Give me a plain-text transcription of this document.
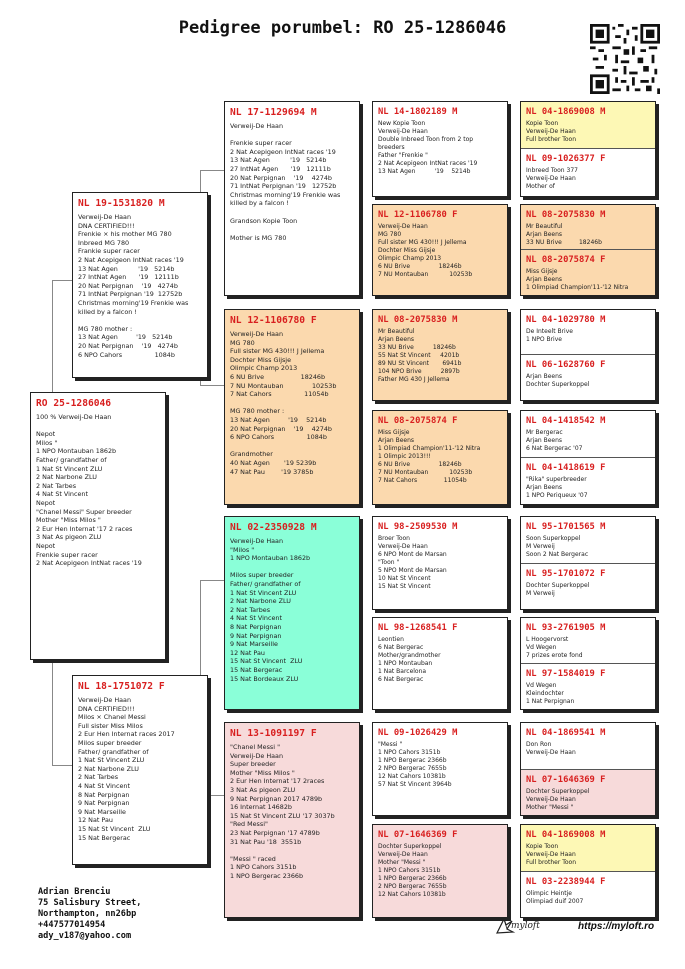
Pedigree porumbel: RO 25-1286046
RO 25-1286046
100 % Verweij-De Haan

Nepot
Milos "
1 NPO Montauban 1862b
Father/ grandfather of
1 Nat St Vincent ZLU
2 Nat Narbone ZLU
2 Nat Tarbes
4 Nat St Vincent
Nepot
"Chanel Messi" Super breeder
Mother "Miss Milos "
2 Eur Hen Internat '17 2 races
3 Nat As pigeon ZLU
Nepot
Frenkie super racer
2 Nat Acepigeon IntNat races '19
NL 19-1531820 M
Verweij-De Haan
DNA CERTIFIED!!!
Frenkie × his mother MG 780
Inbreed MG 780
Frankie super racer
2 Nat Acepigeon IntNat races '19
13 Nat Agen          '19   5214b
27 IntNat Agen      '19   12111b
20 Nat Perpignan    '19   4274b
71 IntNat Perpignan '19  12752b
Christmas morning'19 Frenkie was
killed by a falcon !

MG 780 mother :
13 Nat Agen         '19   5214b
20 Nat Perpignan    '19   4274b
6 NPO Cahors                1084b
NL 18-1751072 F
Verweij-De Haan
DNA CERTIFIED!!!
Milos × Chanel Messi
Full sister Miss Milos
2 Eur Hen Internat races 2017
Milos super breeder
Father/ grandfather of
1 Nat St Vincent ZLU
2 Nat Narbone ZLU
2 Nat Tarbes
4 Nat St Vincent
8 Nat Perpignan
9 Nat Perpignan
9 Nat Marseille
12 Nat Pau
15 Nat St Vincent  ZLU
15 Nat Bergerac
NL 17-1129694 M
Verweij-De Haan

Frenkie super racer
2 Nat Acepigeon IntNat races '19
13 Nat Agen          '19   5214b
27 IntNat Agen      '19   12111b
20 Nat Perpignan    '19    4274b
71 IntNat Perpignan '19   12752b
Christmas morning'19 Frenkie was
killed by a falcon !

Grandson Kopie Toon

Mother is MG 780
NL 12-1106780 F
Verweij-De Haan
MG 780
Full sister MG 430!!! J Jellema
Dochter Miss Gijsje
Olimpic Champ 2013
6 NU Brive                  18246b
7 NU Montauban              10253b
7 Nat Cahors                11054b

MG 780 mother :
13 Nat Agen         '19    5214b
20 Nat Perpignan    '19    4274b
6 NPO Cahors                1084b

Grandmother
40 Nat Agen       '19 5239b
47 Nat Pau        '19 3785b
NL 02-2350928 M
Verweij-De Haan
"Milos "
1 NPO Montauban 1862b

Milos super breeder
Father/ grandfather of
1 Nat St Vincent ZLU
2 Nat Narbone ZLU
2 Nat Tarbes
4 Nat St Vincent
8 Nat Perpignan
9 Nat Perpignan
9 Nat Marseille
12 Nat Pau
15 Nat St Vincent  ZLU
15 Nat Bergerac
15 Nat Bordeaux ZLU
NL 13-1091197 F
"Chanel Messi "
Verweij-De Haan
Super breeder
Mother "Miss Milos "
2 Eur Hen Internat '17 2races
3 Nat As pigeon ZLU
9 Nat Perpignan 2017 4789b
16 Internat 14682b
15 Nat St Vincent ZLU '17 3037b
"Red Messi"
23 Nat Perpignan '17 4789b
31 Nat Pau '18  3551b

"Messi " raced
1 NPO Cahors 3151b
1 NPO Bergerac 2366b
NL 14-1802189 M
New Kopie Toon
Verweij-De Haan
Double Inbreed Toon from 2 top
breeders
Father "Frenkie "
2 Nat Acepigeon IntNat races '19
13 Nat Agen          '19    5214b
NL 12-1106780 F
Verweij-De Haan
MG 780
Full sister MG 430!!! J Jellema
Dochter Miss Gijsje
Olimpic Champ 2013
6 NU Brive               18246b
7 NU Montauban           10253b
NL 08-2075830 M
Mr Beautiful
Arjan Beens
33 NU Brive          18246b
55 Nat St Vincent     4201b
89 NU St Vincent       6941b
104 NPO Brive          2897b
Father MG 430 J Jellema
NL 08-2075874 F
Miss Gijsje
Arjan Beens
1 Olimpiad Champion'11-'12 Nitra
1 Olimpic 2013!!!
6 NU Brive               18246b
7 NU Montauban           10253b
7 Nat Cahors              11054b
NL 98-2509530 M
Broer Toon
Verweij-De Haan
6 NPO Mont de Marsan
"Toon "
5 NPO Mont de Marsan
10 Nat St Vincent
15 Nat St Vincent
NL 98-1268541 F
Leontien
6 Nat Bergerac
Mother/grandmother
1 NPO Montauban
1 Nat Barcelona
6 Nat Bergerac
NL 09-1026429 M
"Messi "
1 NPO Cahors 3151b
1 NPO Bergerac 2366b
2 NPO Bergerac 7655b
12 Nat Cahors 10381b
57 Nat St Vincent 3964b
NL 07-1646369 F
Dochter Superkoppel
Verweij-De Haan
Mother "Messi "
1 NPO Cahors 3151b
1 NPO Bergerac 2366b
2 NPO Bergerac 7655b
12 Nat Cahors 10381b
NL 04-1869008 M
Kopie Toon
Verweij-De Haan
Full brother Toon
NL 09-1026377 F
Inbreed Toon 377
Verweij-De Haan
Mother of
NL 08-2075830 M
Mr Beautiful
Arjan Beens
33 NU Brive         18246b
NL 08-2075874 F
Miss Gijsje
Arjan Beens
1 Olimpiad Champion'11-'12 Nitra
NL 04-1029780 M
De Inteelt Brive
1 NPO Brive
NL 06-1628760 F
Arjan Beens
Dochter Superkoppel
NL 04-1418542 M
Mr Bergerac
Arjan Beens
6 Nat Bergerac '07
NL 04-1418619 F
"Rika" superbreeder
Arjan Beens
1 NPO Periqueux '07
NL 95-1701565 M
Soon Superkoppel
M Verweij
Soon 2 Nat Bergerac
NL 95-1701072 F
Dochter Superkoppel
M Verweij
NL 93-2761905 M
L Hoogervorst
Vd Wegen
7 prizes erote fond
NL 97-1584019 F
Vd Wegen
Kleindochter
1 Nat Perpignan
NL 04-1869541 M
Don Ron
Verweij-De Haan
NL 07-1646369 F
Dochter Superkoppel
Verweij-De Haan
Mother "Messi "
NL 04-1869008 M
Kopie Toon
Verweij-De Haan
Full brother Toon
NL 03-2238944 F
Olimpic Heintje
Olimpiad duif 2007
Adrian Brenciu
75 Salisbury Street,
Northampton, nn26bp
+447577014954
ady_v187@yahoo.com
myloft	https://myloft.ro
